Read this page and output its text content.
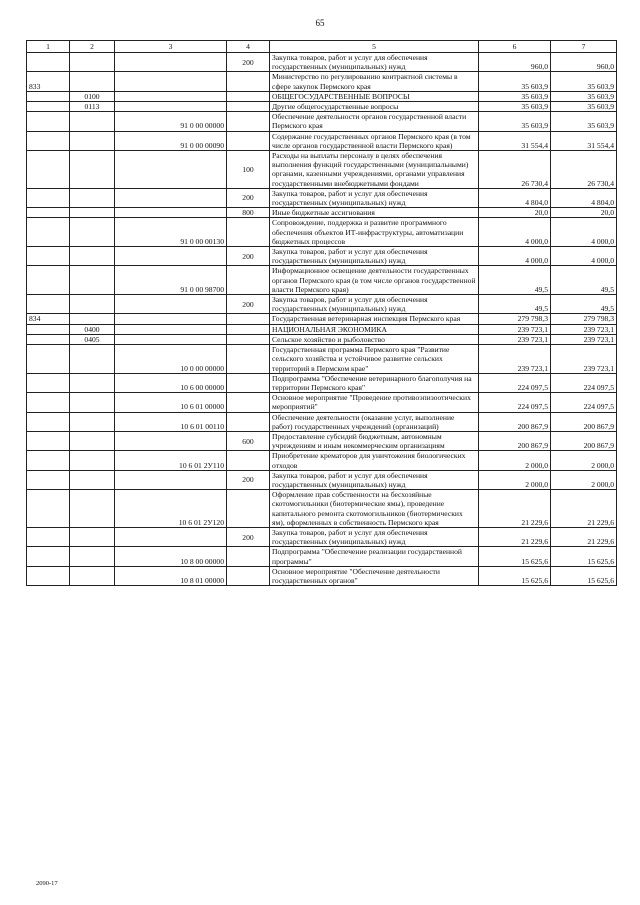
65
1	2	3	4	5	6	7
			200	Закупка товаров, работ и услуг для обеспечения государственных (муниципальных) нужд	960,0	960,0
833				Министерство по регулированию контрактной системы в сфере закупок Пермского края	35 603,9	35 603,9
	0100			ОБЩЕГОСУДАРСТВЕННЫЕ ВОПРОСЫ	35 603,9	35 603,9
	0113			Другие общегосударственные вопросы	35 603,9	35 603,9
		91 0 00 00000		Обеспечение деятельности органов государственной власти Пермского края	35 603,9	35 603,9
		91 0 00 00090		Содержание государственных органов Пермского края (в том числе органов государственной власти Пермского края)	31 554,4	31 554,4
			100	Расходы на выплаты персоналу в целях обеспечения выполнения функций государственными (муниципальными) органами, казенными учреждениями, органами управления государственными внебюджетными фондами	26 730,4	26 730,4
			200	Закупка товаров, работ и услуг для обеспечения государственных (муниципальных) нужд	4 804,0	4 804,0
			800	Иные бюджетные ассигнования	20,0	20,0
		91 0 00 00130		Сопровождение, поддержка и развитие программного обеспечения объектов ИТ-инфраструктуры, автоматизации бюджетных процессов	4 000,0	4 000,0
			200	Закупка товаров, работ и услуг для обеспечения государственных (муниципальных) нужд	4 000,0	4 000,0
		91 0 00 98700		Информационное освещение деятельности государственных органов Пермского края (в том числе органов государственной власти Пермского края)	49,5	49,5
			200	Закупка товаров, работ и услуг для обеспечения государственных (муниципальных) нужд	49,5	49,5
834				Государственная ветеринарная инспекция Пермского края	279 798,3	279 798,3
	0400			НАЦИОНАЛЬНАЯ ЭКОНОМИКА	239 723,1	239 723,1
	0405			Сельское хозяйство и рыболовство	239 723,1	239 723,1
		10 0 00 00000		Государственная программа Пермского края "Развитие сельского хозяйства и устойчивое развитие сельских территорий в Пермском крае"	239 723,1	239 723,1
		10 6 00 00000		Подпрограмма "Обеспечение ветеринарного благополучия на территории Пермского края"	224 097,5	224 097,5
		10 6 01 00000		Основное мероприятие "Проведение противоэпизоотических мероприятий"	224 097,5	224 097,5
		10 6 01 00110		Обеспечение деятельности (оказание услуг, выполнение работ) государственных учреждений (организаций)	200 867,9	200 867,9
			600	Предоставление субсидий бюджетным, автономным учреждениям и иным некоммерческим организациям	200 867,9	200 867,9
		10 6 01 2У110		Приобретение крематоров для уничтожения биологических отходов	2 000,0	2 000,0
			200	Закупка товаров, работ и услуг для обеспечения государственных (муниципальных) нужд	2 000,0	2 000,0
		10 6 01 2У120		Оформление прав собственности на бесхозяйные скотомогильники (биотермические ямы), проведение капитального ремонта скотомогильников (биотермических ям), оформленных в собственность Пермского края	21 229,6	21 229,6
			200	Закупка товаров, работ и услуг для обеспечения государственных (муниципальных) нужд	21 229,6	21 229,6
		10 8 00 00000		Подпрограмма "Обеспечение реализации государственной программы"	15 625,6	15 625,6
		10 8 01 00000		Основное мероприятие "Обеспечение деятельности государственных органов"	15 625,6	15 625,6
2090-17
